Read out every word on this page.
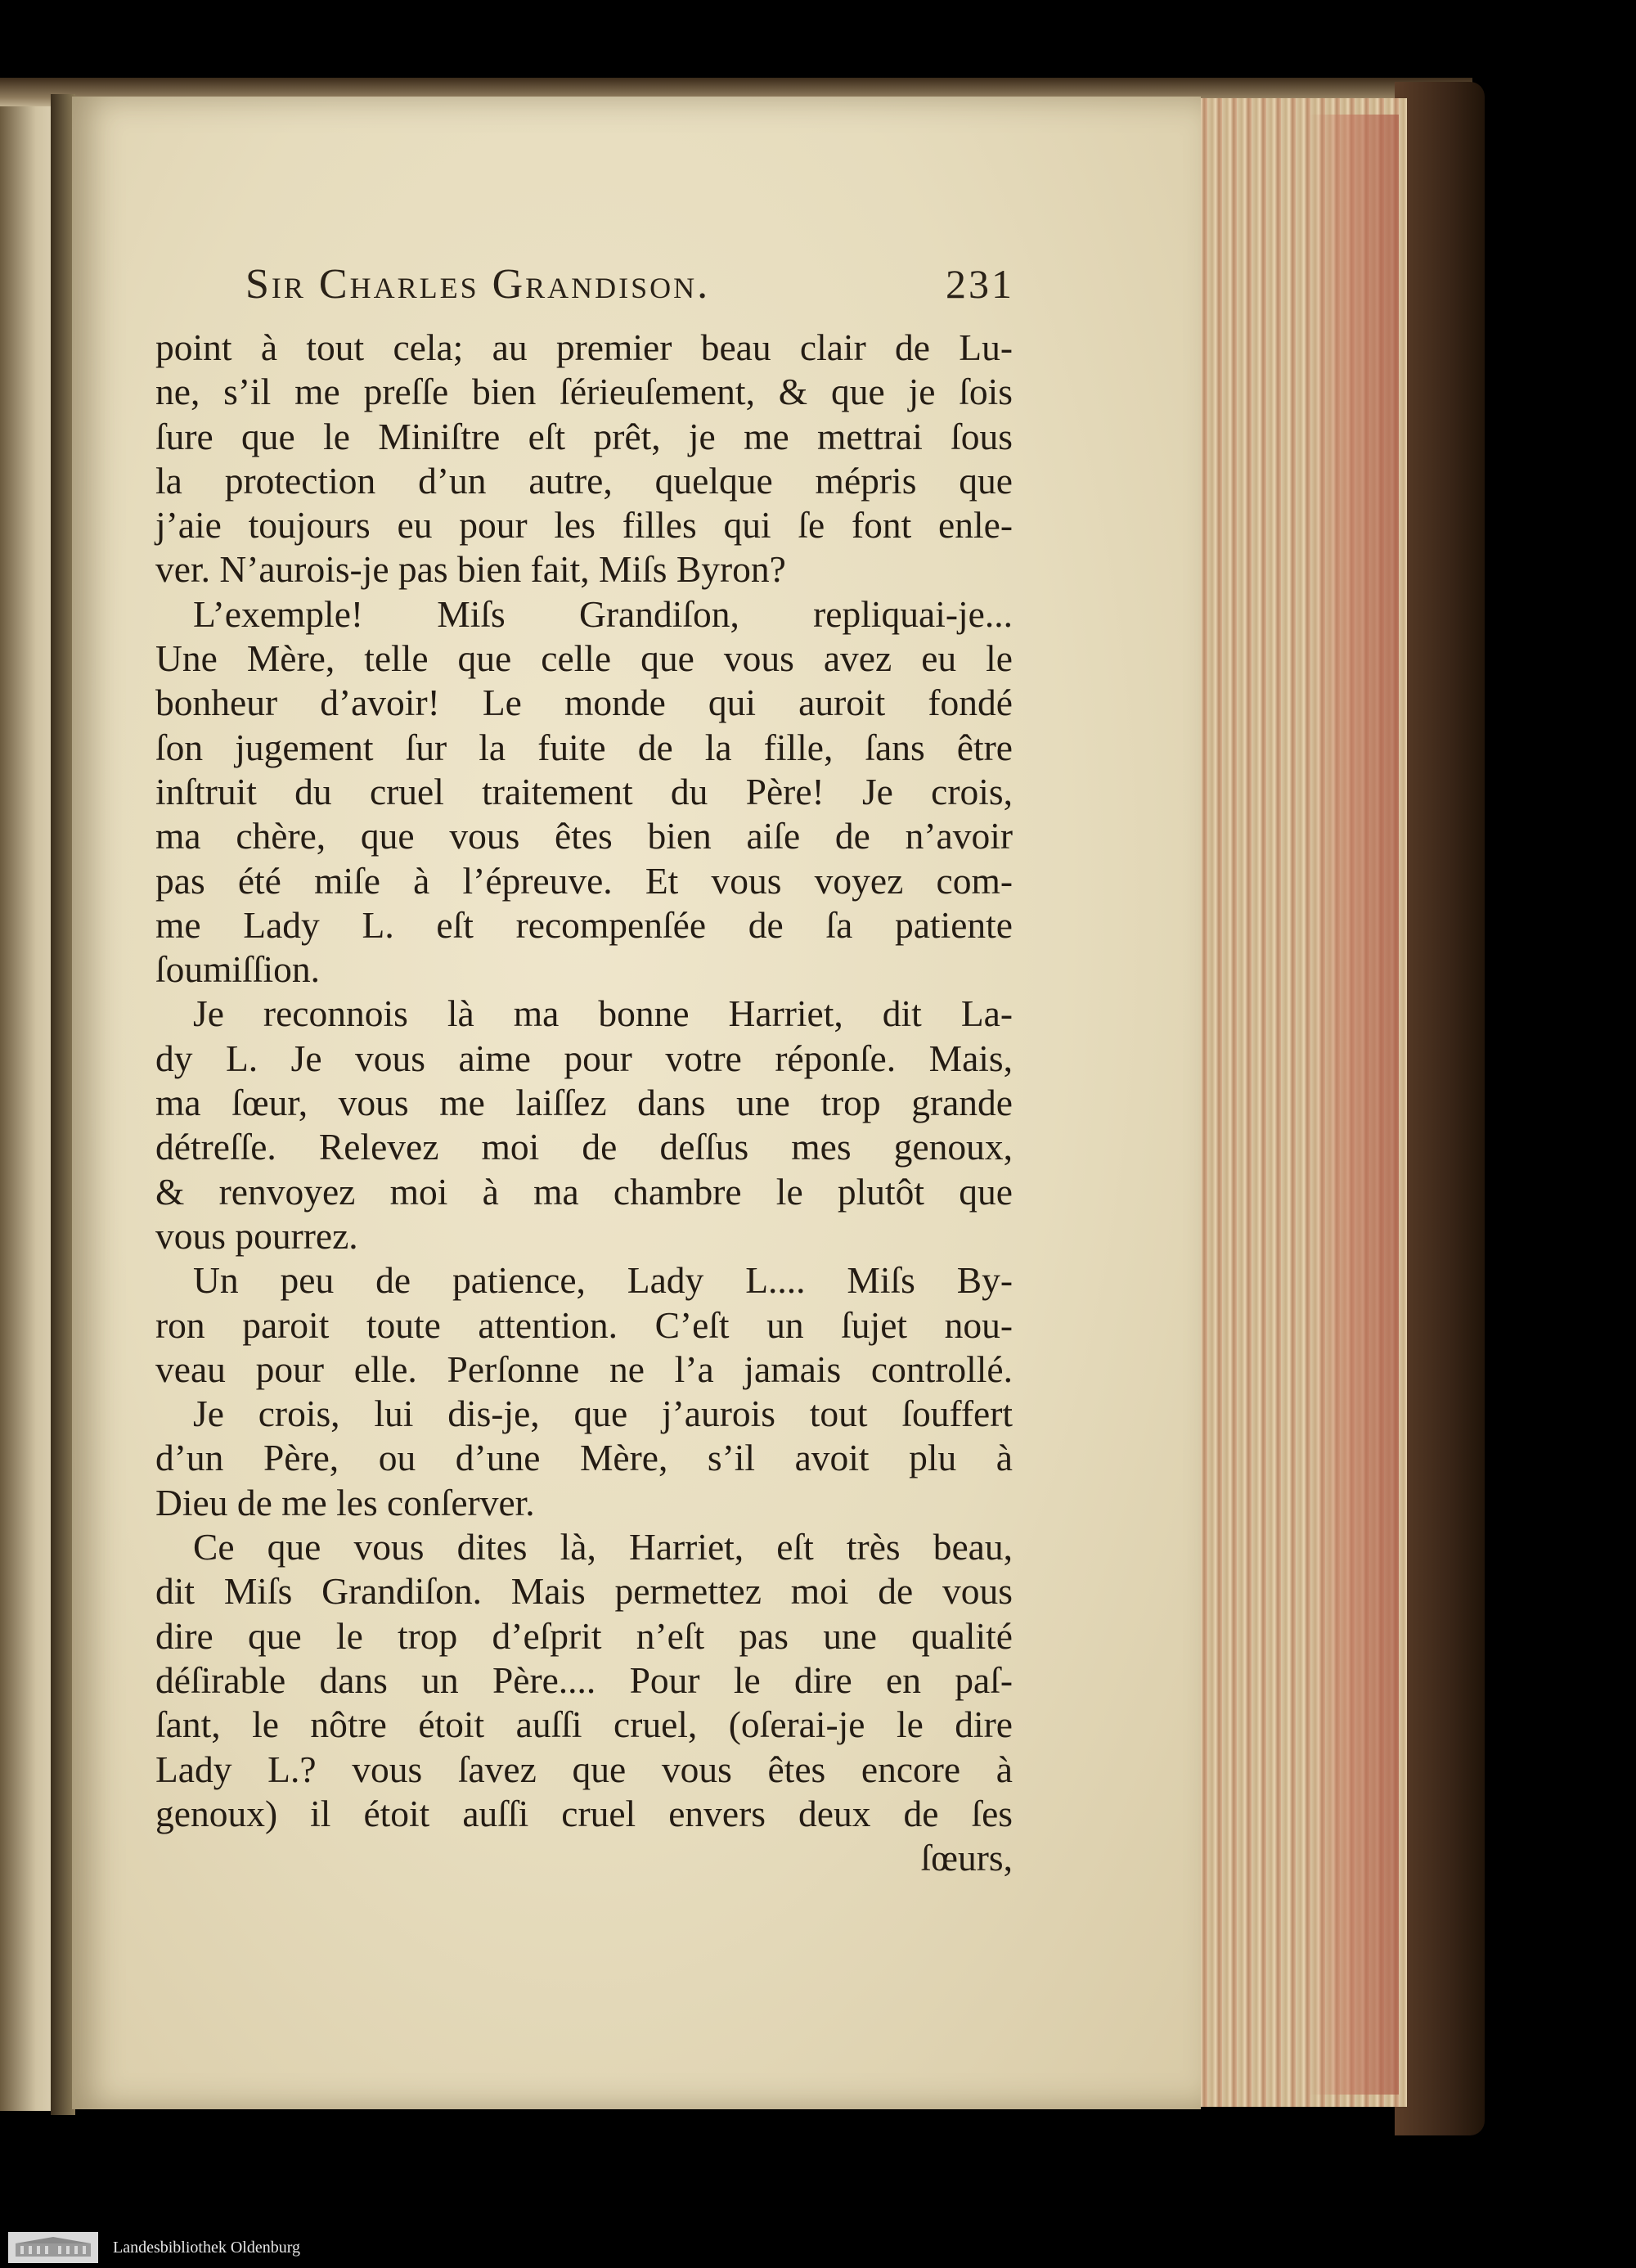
Sir Charles Grandison.	231
point à tout cela; au premier beau clair de Lu-
ne, s’il me preſſe bien ſérieuſement, & que je ſois
ſure que le Miniſtre eſt prêt, je me mettrai ſous
la protection d’un autre, quelque mépris que
j’aie toujours eu pour les filles qui ſe font enle-
ver. N’aurois-je pas bien fait, Miſs Byron?
L’exemple! Miſs Grandiſon, repliquai-je...
Une Mère, telle que celle que vous avez eu le
bonheur d’avoir! Le monde qui auroit fondé
ſon jugement ſur la fuite de la fille, ſans être
inſtruit du cruel traitement du Père! Je crois,
ma chère, que vous êtes bien aiſe de n’avoir
pas été miſe à l’épreuve. Et vous voyez com-
me Lady L. eſt recompenſée de ſa patiente
ſoumiſſion.
Je reconnois là ma bonne Harriet, dit La-
dy L. Je vous aime pour votre réponſe. Mais,
ma ſœur, vous me laiſſez dans une trop grande
détreſſe. Relevez moi de deſſus mes genoux,
& renvoyez moi à ma chambre le plutôt que
vous pourrez.
Un peu de patience, Lady L.... Miſs By-
ron paroit toute attention. C’eſt un ſujet nou-
veau pour elle. Perſonne ne l’a jamais controllé.
Je crois, lui dis-je, que j’aurois tout ſouffert
d’un Père, ou d’une Mère, s’il avoit plu à
Dieu de me les conſerver.
Ce que vous dites là, Harriet, eſt très beau,
dit Miſs Grandiſon. Mais permettez moi de vous
dire que le trop d’eſprit n’eſt pas une qualité
déſirable dans un Père.... Pour le dire en paſ-
ſant, le nôtre étoit auſſi cruel, (oſerai-je le dire
Lady L.? vous ſavez que vous êtes encore à
genoux) il étoit auſſi cruel envers deux de ſes
ſœurs,
Landesbibliothek Oldenburg
